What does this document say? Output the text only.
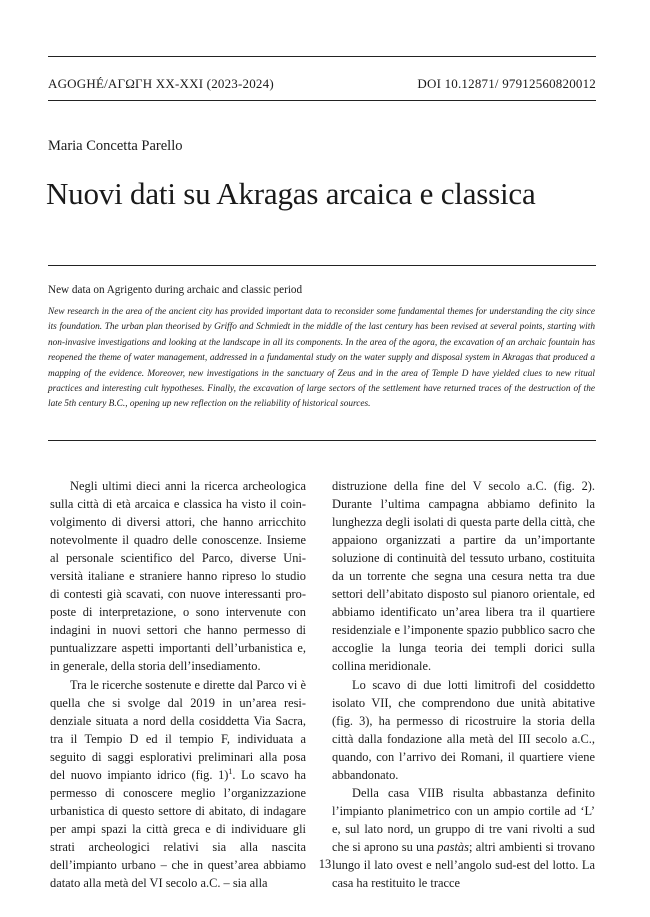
AGOGHÉ/ΑΓΩΓΗ XX-XXI (2023-2024)	DOI 10.12871/ 97912560820012
Maria Concetta Parello
Nuovi dati su Akragas arcaica e classica
New data on Agrigento during archaic and classic period

New research in the area of the ancient city has provided important data to reconsider some fundamental themes for understanding the city since its foundation. The urban plan theorised by Griffo and Schmiedt in the middle of the last century has been revised at several points, starting with non-invasive investigations and looking at the landscape in all its components. In the area of the agora, the excavation of an archaic fountain has reopened the theme of water management, addressed in a fundamental study on the water supply and disposal system in Akragas that produced a mapping of the evidence. Moreover, new investigations in the sanctuary of Zeus and in the area of Temple D have yielded clues to new ritual practices and interesting cult hypotheses. Finally, the excavation of large sectors of the settlement have returned traces of the destruction of the late 5th century B.C., opening up new reflection on the reliability of historical sources.

Negli ultimi dieci anni la ricerca archeologica sulla città di età arcaica e classica ha visto il coinvolgimento di diversi attori, che hanno arricchito notevolmente il quadro delle conoscenze. Insieme al personale scientifico del Parco, diverse Università italiane e straniere hanno ripreso lo studio di contesti già scavati, con nuove interessanti proposte di interpretazione, o sono intervenute con indagini in nuovi settori che hanno permesso di puntualizzare aspetti importanti dell’urbanistica e, in generale, della storia dell’insediamento.

Tra le ricerche sostenute e dirette dal Parco vi è quella che si svolge dal 2019 in un’area residenziale situata a nord della cosiddetta Via Sacra, tra il Tempio D ed il tempio F, individuata a seguito di saggi esplorativi preliminari alla posa del nuovo impianto idrico (fig. 1)$^1$. Lo scavo ha permesso di conoscere meglio l’organizzazione urbanistica di questo settore di abitato, di indagare per ampi spazi la città greca e di individuare gli strati archeologici relativi sia alla nascita dell’impianto urbano – che in quest’area abbiamo datato alla metà del VI secolo a.C. – sia alla

distruzione della fine del V secolo a.C. (fig. 2). Durante l’ultima campagna abbiamo definito la lunghezza degli isolati di questa parte della città, che appaiono organizzati a partire da un’importante soluzione di continuità del tessuto urbano, costituita da un torrente che segna una cesura netta tra due settori dell’abitato disposto sul pianoro orientale, ed abbiamo identificato un’area libera tra il quartiere residenziale e l’imponente spazio pubblico sacro che accoglie la lunga teoria dei templi dorici sulla collina meridionale.

Lo scavo di due lotti limitrofi del cosiddetto isolato VII, che comprendono due unità abitative (fig. 3), ha permesso di ricostruire la storia della città dalla fondazione alla metà del III secolo a.C., quando, con l’arrivo dei Romani, il quartiere viene abbandonato.

Della casa VIIB risulta abbastanza definito l’impianto planimetrico con un ampio cortile ad ‘L’ e, sul lato nord, un gruppo di tre vani rivolti a sud che si aprono su una pastàs; altri ambienti si trovano lungo il lato ovest e nell’angolo sud-est del lotto. La casa ha restituito le tracce

13
